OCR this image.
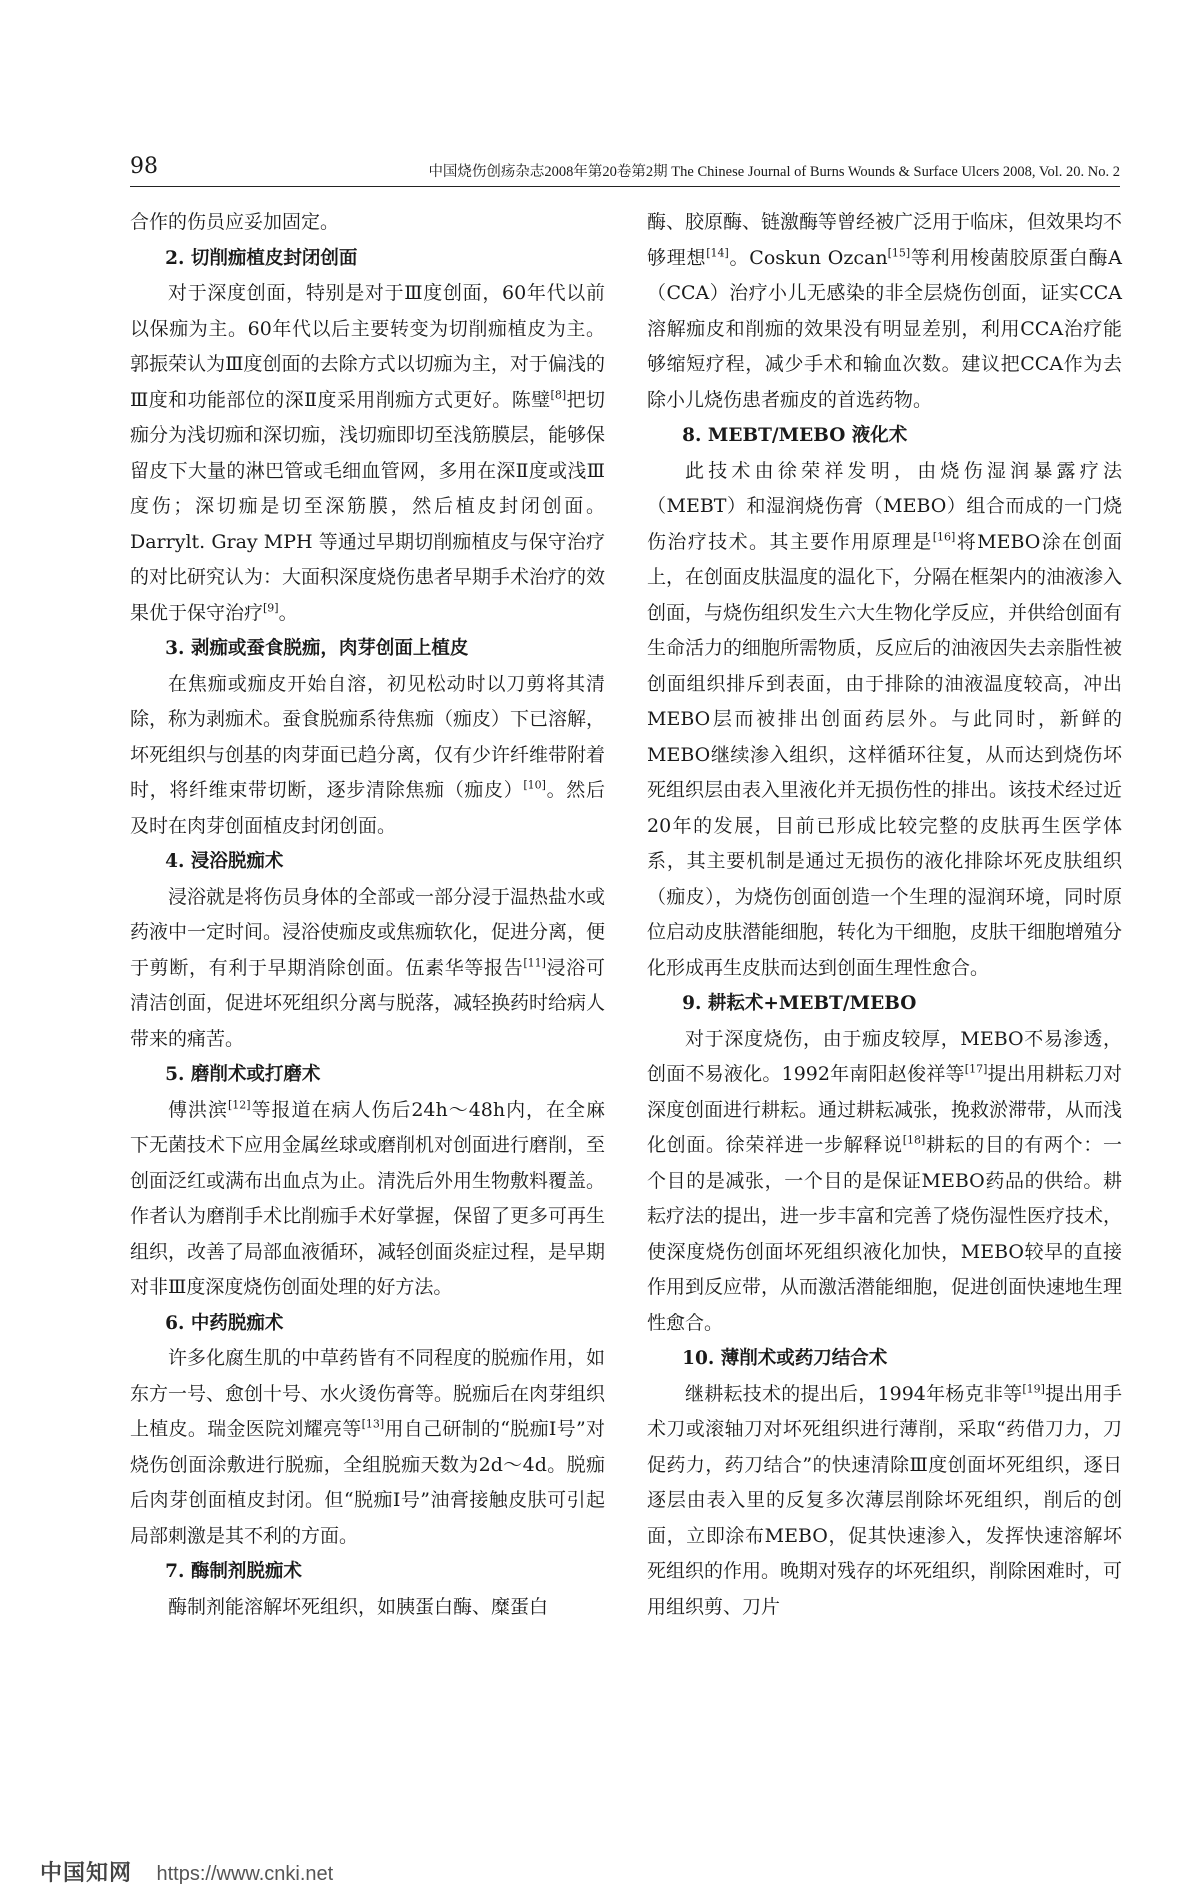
98	中国烧伤创疡杂志2008年第20卷第2期 The Chinese Journal of Burns Wounds & Surface Ulcers 2008, Vol. 20. No. 2

合作的伤员应妥加固定。

2. 切削痂植皮封闭创面

对于深度创面，特别是对于Ⅲ度创面，60年代以前以保痂为主。60年代以后主要转变为切削痂植皮为主。郭振荣认为Ⅲ度创面的去除方式以切痂为主，对于偏浅的Ⅲ度和功能部位的深Ⅱ度采用削痂方式更好。陈璧[8]把切痂分为浅切痂和深切痂，浅切痂即切至浅筋膜层，能够保留皮下大量的淋巴管或毛细血管网，多用在深Ⅱ度或浅Ⅲ度伤；深切痂是切至深筋膜，然后植皮封闭创面。Darrylt. Gray MPH 等通过早期切削痂植皮与保守治疗的对比研究认为：大面积深度烧伤患者早期手术治疗的效果优于保守治疗[9]。

3. 剥痂或蚕食脱痂，肉芽创面上植皮

在焦痂或痂皮开始自溶，初见松动时以刀剪将其清除，称为剥痂术。蚕食脱痂系待焦痂（痂皮）下已溶解，坏死组织与创基的肉芽面已趋分离，仅有少许纤维带附着时，将纤维束带切断，逐步清除焦痂（痂皮）[10]。然后及时在肉芽创面植皮封闭创面。

4. 浸浴脱痂术

浸浴就是将伤员身体的全部或一部分浸于温热盐水或药液中一定时间。浸浴使痂皮或焦痂软化，促进分离，便于剪断，有利于早期消除创面。伍素华等报告[11]浸浴可清洁创面，促进坏死组织分离与脱落，减轻换药时给病人带来的痛苦。

5. 磨削术或打磨术

傅洪滨[12]等报道在病人伤后24h～48h内，在全麻下无菌技术下应用金属丝球或磨削机对创面进行磨削，至创面泛红或满布出血点为止。清洗后外用生物敷料覆盖。作者认为磨削手术比削痂手术好掌握，保留了更多可再生组织，改善了局部血液循环，减轻创面炎症过程，是早期对非Ⅲ度深度烧伤创面处理的好方法。

6. 中药脱痂术

许多化腐生肌的中草药皆有不同程度的脱痂作用，如东方一号、愈创十号、水火烫伤膏等。脱痂后在肉芽组织上植皮。瑞金医院刘耀亮等[13]用自己研制的“脱痂Ⅰ号”对烧伤创面涂敷进行脱痂，全组脱痂天数为2d～4d。脱痂后肉芽创面植皮封闭。但“脱痂Ⅰ号”油膏接触皮肤可引起局部刺激是其不利的方面。

7. 酶制剂脱痂术

酶制剂能溶解坏死组织，如胰蛋白酶、糜蛋白

酶、胶原酶、链激酶等曾经被广泛用于临床，但效果均不够理想[14]。Coskun Ozcan[15]等利用梭菌胶原蛋白酶A（CCA）治疗小儿无感染的非全层烧伤创面，证实CCA溶解痂皮和削痂的效果没有明显差别，利用CCA治疗能够缩短疗程，减少手术和输血次数。建议把CCA作为去除小儿烧伤患者痂皮的首选药物。

8. MEBT/MEBO 液化术

此技术由徐荣祥发明，由烧伤湿润暴露疗法（MEBT）和湿润烧伤膏（MEBO）组合而成的一门烧伤治疗技术。其主要作用原理是[16]将MEBO涂在创面上，在创面皮肤温度的温化下，分隔在框架内的油液渗入创面，与烧伤组织发生六大生物化学反应，并供给创面有生命活力的细胞所需物质，反应后的油液因失去亲脂性被创面组织排斥到表面，由于排除的油液温度较高，冲出MEBO层而被排出创面药层外。与此同时，新鲜的MEBO继续渗入组织，这样循环往复，从而达到烧伤坏死组织层由表入里液化并无损伤性的排出。该技术经过近20年的发展，目前已形成比较完整的皮肤再生医学体系，其主要机制是通过无损伤的液化排除坏死皮肤组织（痂皮），为烧伤创面创造一个生理的湿润环境，同时原位启动皮肤潜能细胞，转化为干细胞，皮肤干细胞增殖分化形成再生皮肤而达到创面生理性愈合。

9. 耕耘术+MEBT/MEBO

对于深度烧伤，由于痂皮较厚，MEBO不易渗透，创面不易液化。1992年南阳赵俊祥等[17]提出用耕耘刀对深度创面进行耕耘。通过耕耘减张，挽救淤滞带，从而浅化创面。徐荣祥进一步解释说[18]耕耘的目的有两个：一个目的是减张，一个目的是保证MEBO药品的供给。耕耘疗法的提出，进一步丰富和完善了烧伤湿性医疗技术，使深度烧伤创面坏死组织液化加快，MEBO较早的直接作用到反应带，从而激活潜能细胞，促进创面快速地生理性愈合。

10. 薄削术或药刀结合术

继耕耘技术的提出后，1994年杨克非等[19]提出用手术刀或滚轴刀对坏死组织进行薄削，采取“药借刀力，刀促药力，药刀结合”的快速清除Ⅲ度创面坏死组织，逐日逐层由表入里的反复多次薄层削除坏死组织，削后的创面，立即涂布MEBO，促其快速渗入，发挥快速溶解坏死组织的作用。晚期对残存的坏死组织，削除困难时，可用组织剪、刀片

中国知网 https://www.cnki.net
